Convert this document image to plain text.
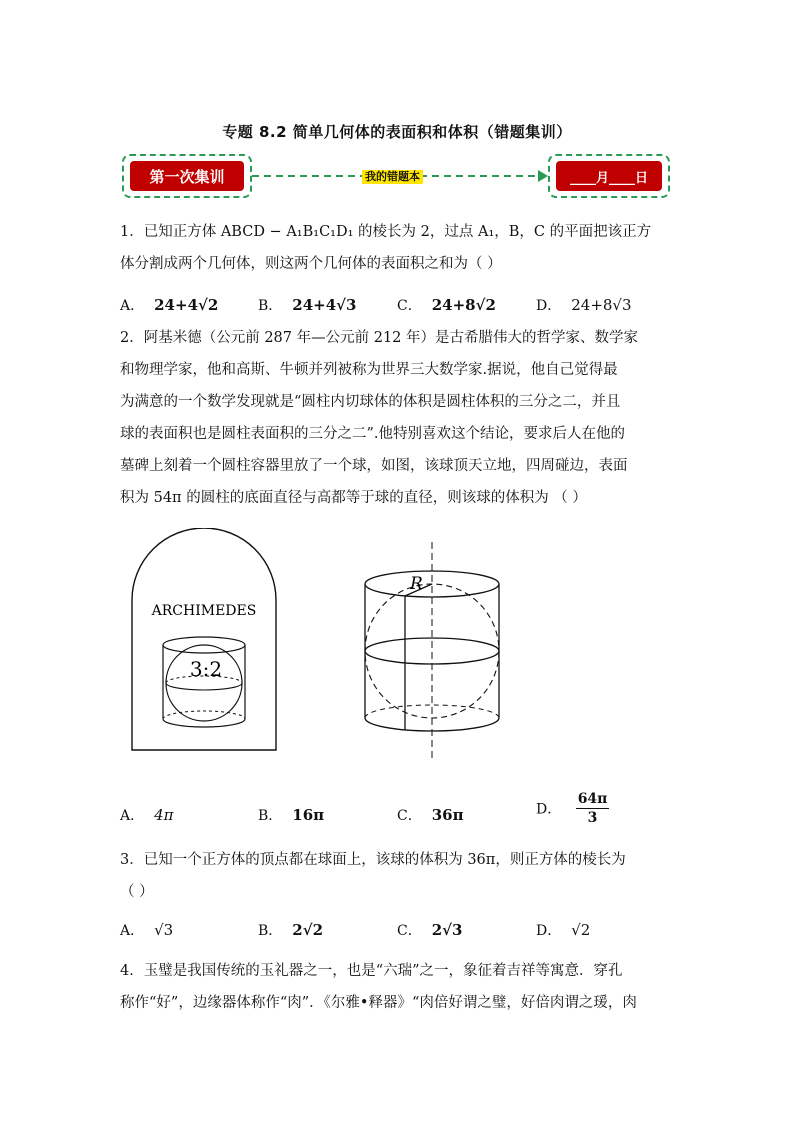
专题 8.2 简单几何体的表面积和体积（错题集训）
第一次集训	我的错题本	____月____日
1．已知正方体 ABCD − A₁B₁C₁D₁ 的棱长为 2，过点 A₁，B，C 的平面把该正方
体分割成两个几何体，则这两个几何体的表面积之和为（ ）
A． 24+4√2	B． 24+4√3	C． 24+8√2	D． 24+8√3
2．阿基米德（公元前 287 年—公元前 212 年）是古希腊伟大的哲学家、数学家
和物理学家，他和高斯、牛顿并列被称为世界三大数学家.据说，他自己觉得最
为满意的一个数学发现就是“圆柱内切球体的体积是圆柱体积的三分之二，并且
球的表面积也是圆柱表面积的三分之二”.他特别喜欢这个结论，要求后人在他的
墓碑上刻着一个圆柱容器里放了一个球，如图，该球顶天立地，四周碰边，表面
积为 54π 的圆柱的底面直径与高都等于球的直径，则该球的体积为 （ ）
ARCHIMEDES
3:2
R
A． 4π	B． 16π	C． 36π	D． $\frac{64\pi}{3}$
3．已知一个正方体的顶点都在球面上，该球的体积为 36π，则正方体的棱长为
（ ）
A． √3	B． 2√2	C． 2√3	D． √2
4．玉璧是我国传统的玉礼器之一，也是“六瑞”之一，象征着吉祥等寓意．穿孔
称作“好”，边缘器体称作“肉”．《尔雅•释器》“肉倍好谓之璧，好倍肉谓之瑗，肉
